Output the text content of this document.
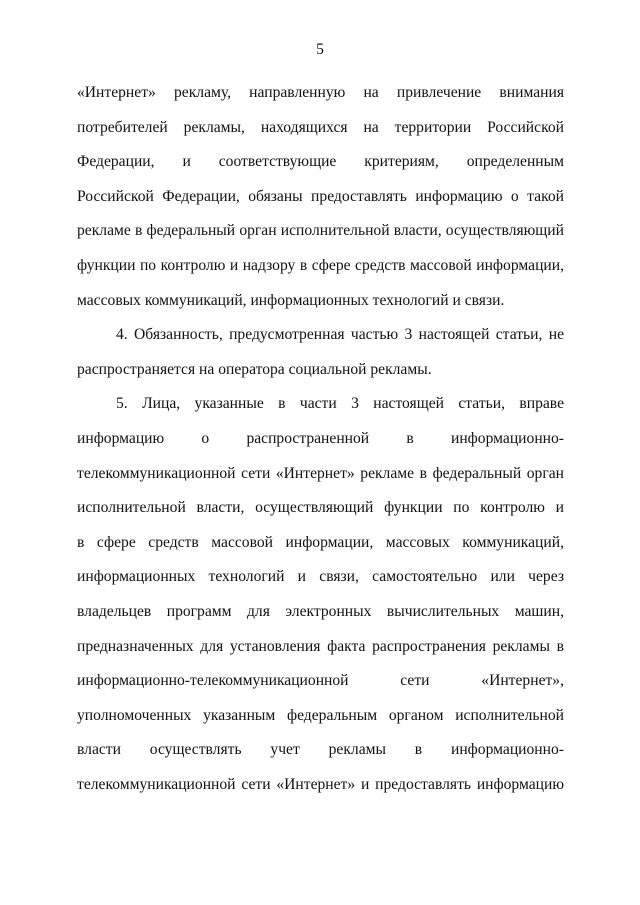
5
«Интернет» рекламу, направленную на привлечение внимания
потребителей рекламы, находящихся на территории Российской
Федерации, и соответствующие критериям, определенным
Российской Федерации, обязаны предоставлять информацию о такой
рекламе в федеральный орган исполнительной власти, осуществляющий
функции по контролю и надзору в сфере средств массовой информации,
массовых коммуникаций, информационных технологий и связи.
4. Обязанность, предусмотренная частью 3 настоящей статьи, не
распространяется на оператора социальной рекламы.
5. Лица, указанные в части 3 настоящей статьи, вправе
информацию о распространенной в информационно-
телекоммуникационной сети «Интернет» рекламе в федеральный орган
исполнительной власти, осуществляющий функции по контролю и
в сфере средств массовой информации, массовых коммуникаций,
информационных технологий и связи, самостоятельно или через
владельцев программ для электронных вычислительных машин,
предназначенных для установления факта распространения рекламы в
информационно-телекоммуникационной сети «Интернет»,
уполномоченных указанным федеральным органом исполнительной
власти осуществлять учет рекламы в информационно-
телекоммуникационной сети «Интернет» и предоставлять информацию
